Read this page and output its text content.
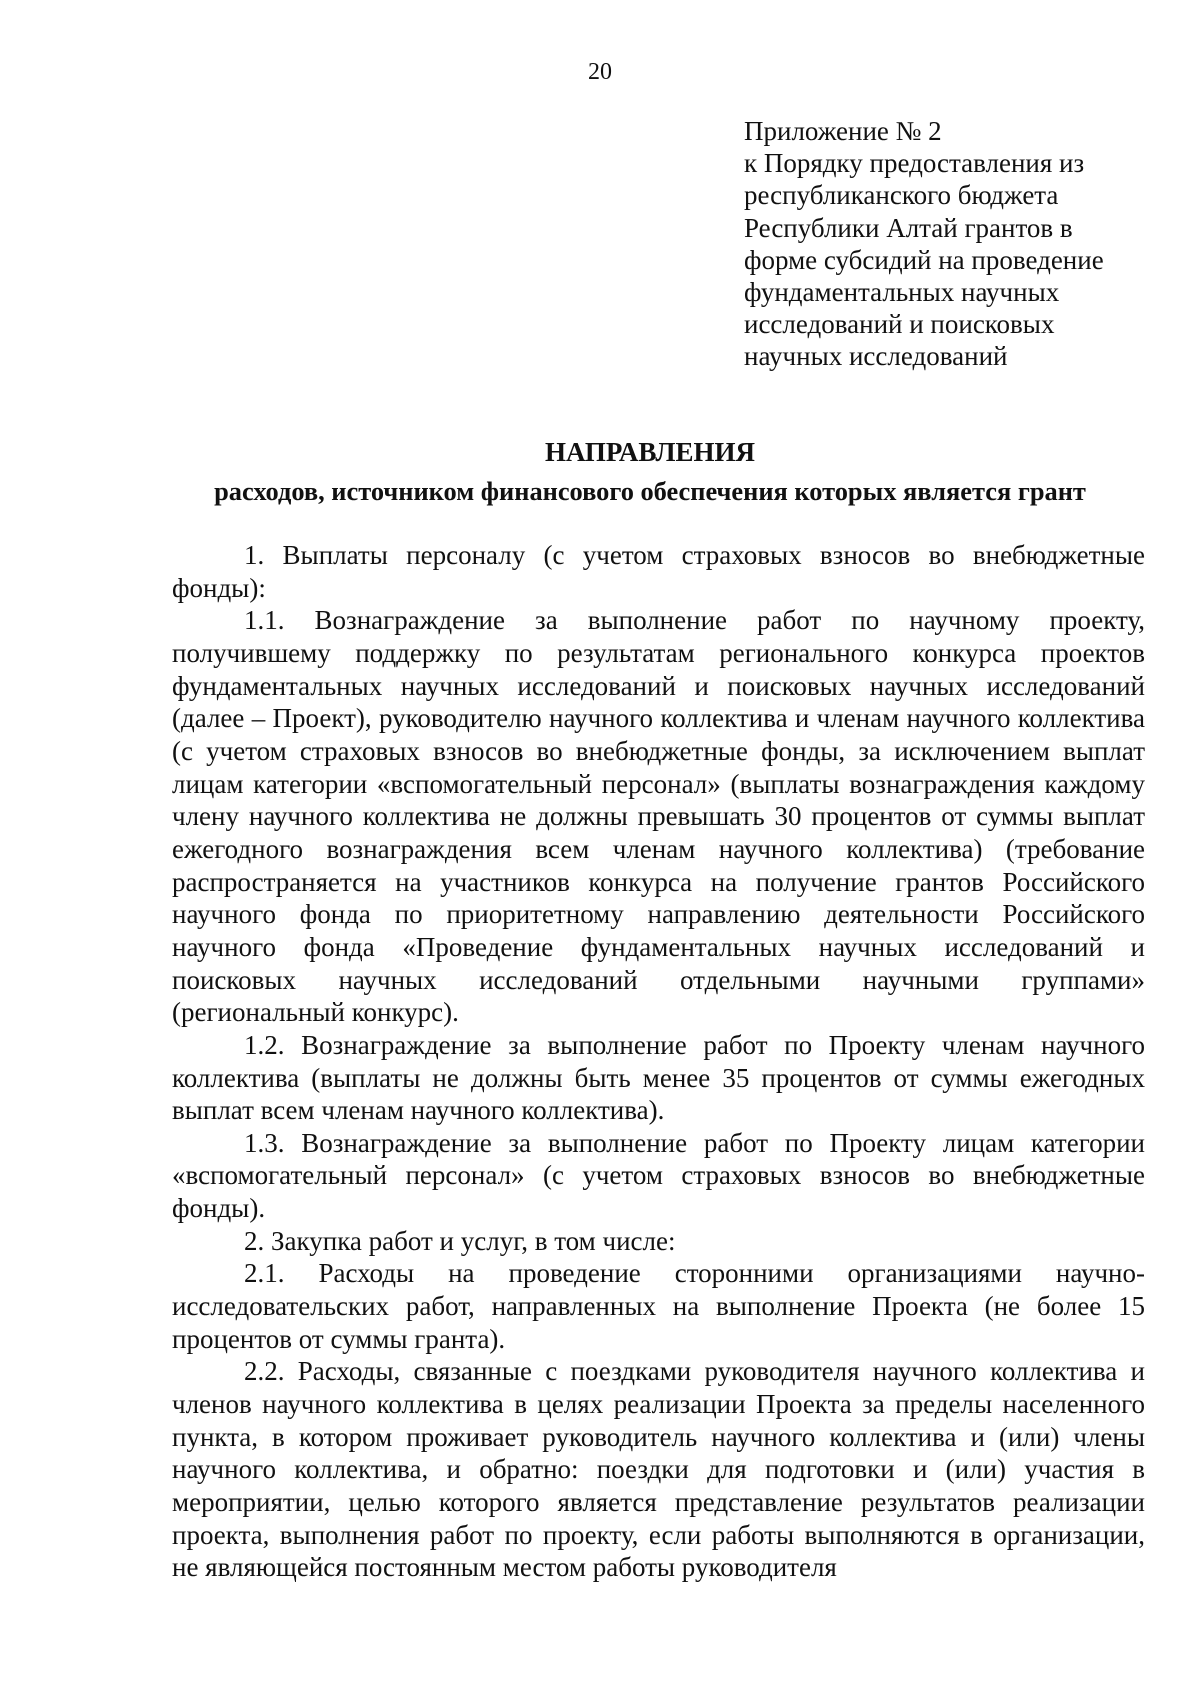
20
Приложение № 2
к Порядку предоставления из
республиканского бюджета
Республики Алтай грантов в
форме субсидий на проведение
фундаментальных научных
исследований и поисковых
научных исследований
НАПРАВЛЕНИЯ
расходов, источником финансового обеспечения которых является грант

1. Выплаты персоналу (с учетом страховых взносов во внебюджетные фонды):

1.1. Вознаграждение за выполнение работ по научному проекту, получившему поддержку по результатам регионального конкурса проектов фундаментальных научных исследований и поисковых научных исследований (далее – Проект), руководителю научного коллектива и членам научного коллектива (с учетом страховых взносов во внебюджетные фонды, за исключением выплат лицам категории «вспомогательный персонал» (выплаты вознаграждения каждому члену научного коллектива не должны превышать 30 процентов от суммы выплат ежегодного вознаграждения всем членам научного коллектива) (требование распространяется на участников конкурса на получение грантов Российского научного фонда по приоритетному направлению деятельности Российского научного фонда «Проведение фундаментальных научных исследований и поисковых научных исследований отдельными научными группами» (региональный конкурс).

1.2. Вознаграждение за выполнение работ по Проекту членам научного коллектива (выплаты не должны быть менее 35 процентов от суммы ежегодных выплат всем членам научного коллектива).

1.3. Вознаграждение за выполнение работ по Проекту лицам категории «вспомогательный персонал» (с учетом страховых взносов во внебюджетные фонды).

2. Закупка работ и услуг, в том числе:

2.1. Расходы на проведение сторонними организациями научно-исследовательских работ, направленных на выполнение Проекта (не более 15 процентов от суммы гранта).

2.2. Расходы, связанные с поездками руководителя научного коллектива и членов научного коллектива в целях реализации Проекта за пределы населенного пункта, в котором проживает руководитель научного коллектива и (или) члены научного коллектива, и обратно: поездки для подготовки и (или) участия в мероприятии, целью которого является представление результатов реализации проекта, выполнения работ по проекту, если работы выполняются в организации, не являющейся постоянным местом работы руководителя
